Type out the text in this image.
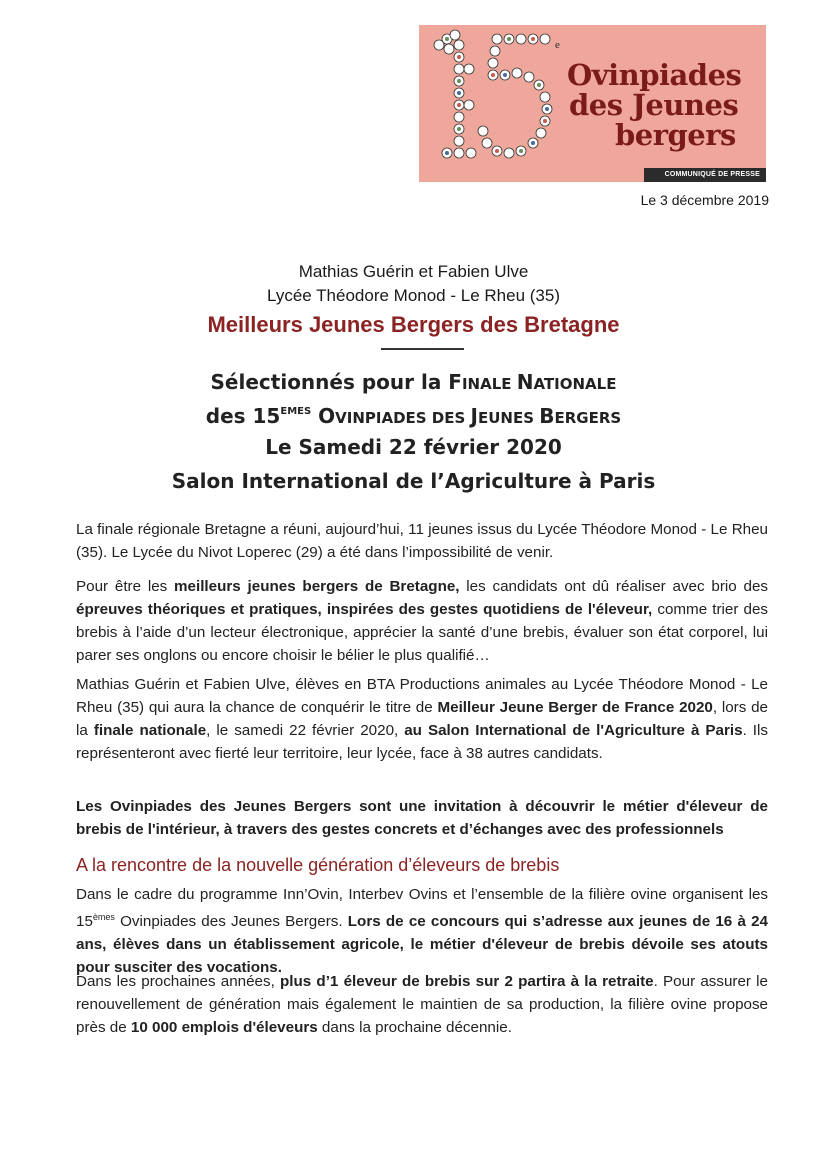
e
Ovinpiades
des Jeunes
bergers
COMMUNIQUÉ DE PRESSE
Le 3 décembre 2019
Mathias Guérin et Fabien Ulve
Lycée Théodore Monod - Le Rheu (35)
Meilleurs Jeunes Bergers des Bretagne
Sélectionnés pour la FINALE NATIONALE
des 15EMES OVINPIADES DES JEUNES BERGERS
Le Samedi 22 février 2020
Salon International de l’Agriculture à Paris
La finale régionale Bretagne a réuni, aujourd’hui, 11 jeunes issus du Lycée Théodore Monod - Le Rheu (35). Le Lycée du Nivot Loperec (29) a été dans l’impossibilité de venir.
Pour être les meilleurs jeunes bergers de Bretagne, les candidats ont dû réaliser avec brio des épreuves théoriques et pratiques, inspirées des gestes quotidiens de l'éleveur, comme trier des brebis à l’aide d’un lecteur électronique, apprécier la santé d’une brebis, évaluer son état corporel, lui parer ses onglons ou encore choisir le bélier le plus qualifié…
Mathias Guérin et Fabien Ulve, élèves en BTA Productions animales au Lycée Théodore Monod - Le Rheu (35) qui aura la chance de conquérir le titre de Meilleur Jeune Berger de France 2020, lors de la finale nationale, le samedi 22 février 2020, au Salon International de l'Agriculture à Paris. Ils représenteront avec fierté leur territoire, leur lycée, face à 38 autres candidats.
Les Ovinpiades des Jeunes Bergers sont une invitation à découvrir le métier d'éleveur de brebis de l'intérieur, à travers des gestes concrets et d’échanges avec des professionnels
A la rencontre de la nouvelle génération d’éleveurs de brebis
Dans le cadre du programme Inn’Ovin, Interbev Ovins et l’ensemble de la filière ovine organisent les 15èmes Ovinpiades des Jeunes Bergers. Lors de ce concours qui s’adresse aux jeunes de 16 à 24 ans, élèves dans un établissement agricole, le métier d'éleveur de brebis dévoile ses atouts pour susciter des vocations.
Dans les prochaines années, plus d’1 éleveur de brebis sur 2 partira à la retraite. Pour assurer le renouvellement de génération mais également le maintien de sa production, la filière ovine propose près de 10 000 emplois d'éleveurs dans la prochaine décennie.
